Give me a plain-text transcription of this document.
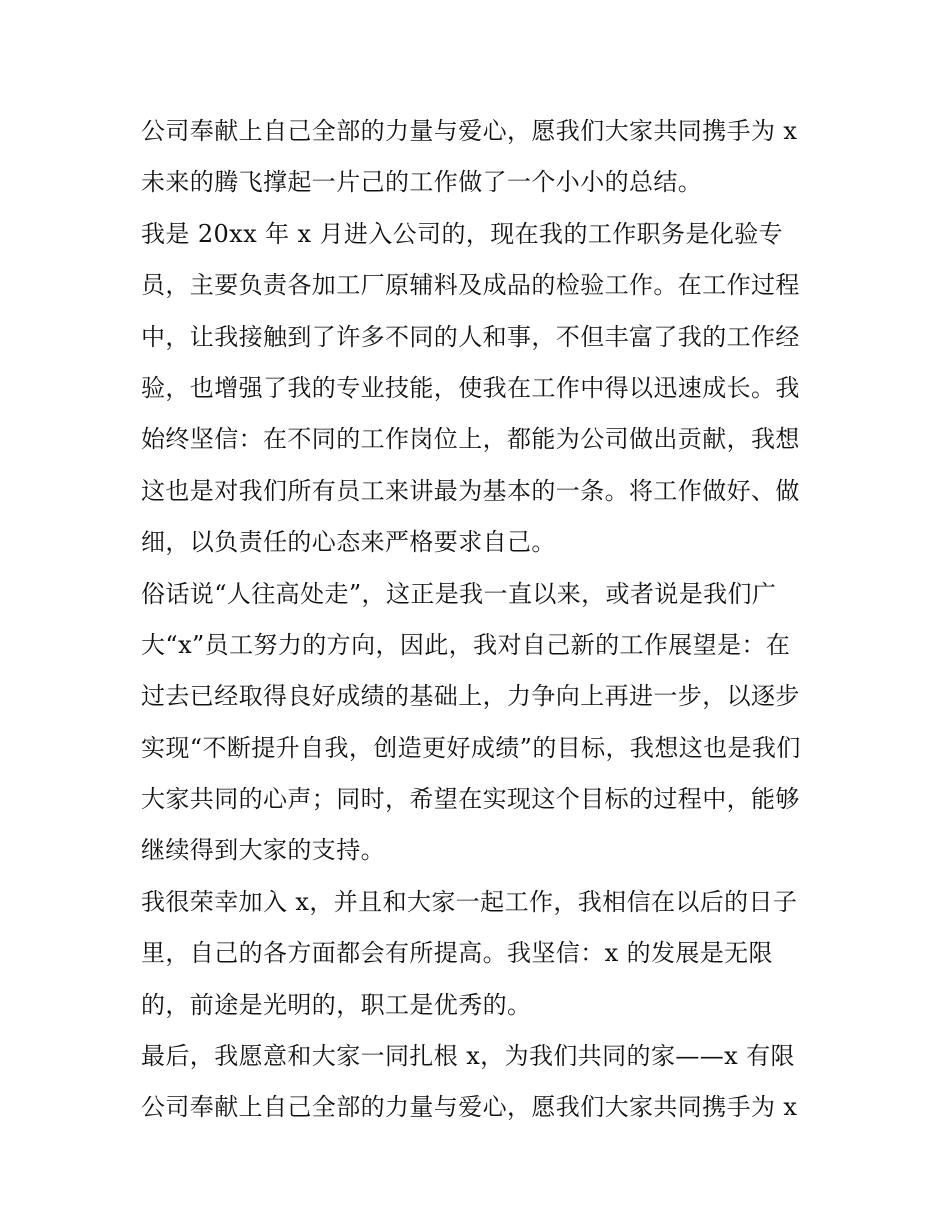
公司奉献上自己全部的力量与爱心，愿我们大家共同携手为 x
未来的腾飞撑起一片己的工作做了一个小小的总结。
我是 20xx 年 x 月进入公司的，现在我的工作职务是化验专
员，主要负责各加工厂原辅料及成品的检验工作。在工作过程
中，让我接触到了许多不同的人和事，不但丰富了我的工作经
验，也增强了我的专业技能，使我在工作中得以迅速成长。我
始终坚信：在不同的工作岗位上，都能为公司做出贡献，我想
这也是对我们所有员工来讲最为基本的一条。将工作做好、做
细，以负责任的心态来严格要求自己。
俗话说“人往高处走”，这正是我一直以来，或者说是我们广
大“x”员工努力的方向，因此，我对自己新的工作展望是：在
过去已经取得良好成绩的基础上，力争向上再进一步，以逐步
实现“不断提升自我，创造更好成绩”的目标，我想这也是我们
大家共同的心声；同时，希望在实现这个目标的过程中，能够
继续得到大家的支持。
我很荣幸加入 x，并且和大家一起工作，我相信在以后的日子
里，自己的各方面都会有所提高。我坚信：x 的发展是无限
的，前途是光明的，职工是优秀的。
最后，我愿意和大家一同扎根 x，为我们共同的家——x 有限
公司奉献上自己全部的力量与爱心，愿我们大家共同携手为 x
